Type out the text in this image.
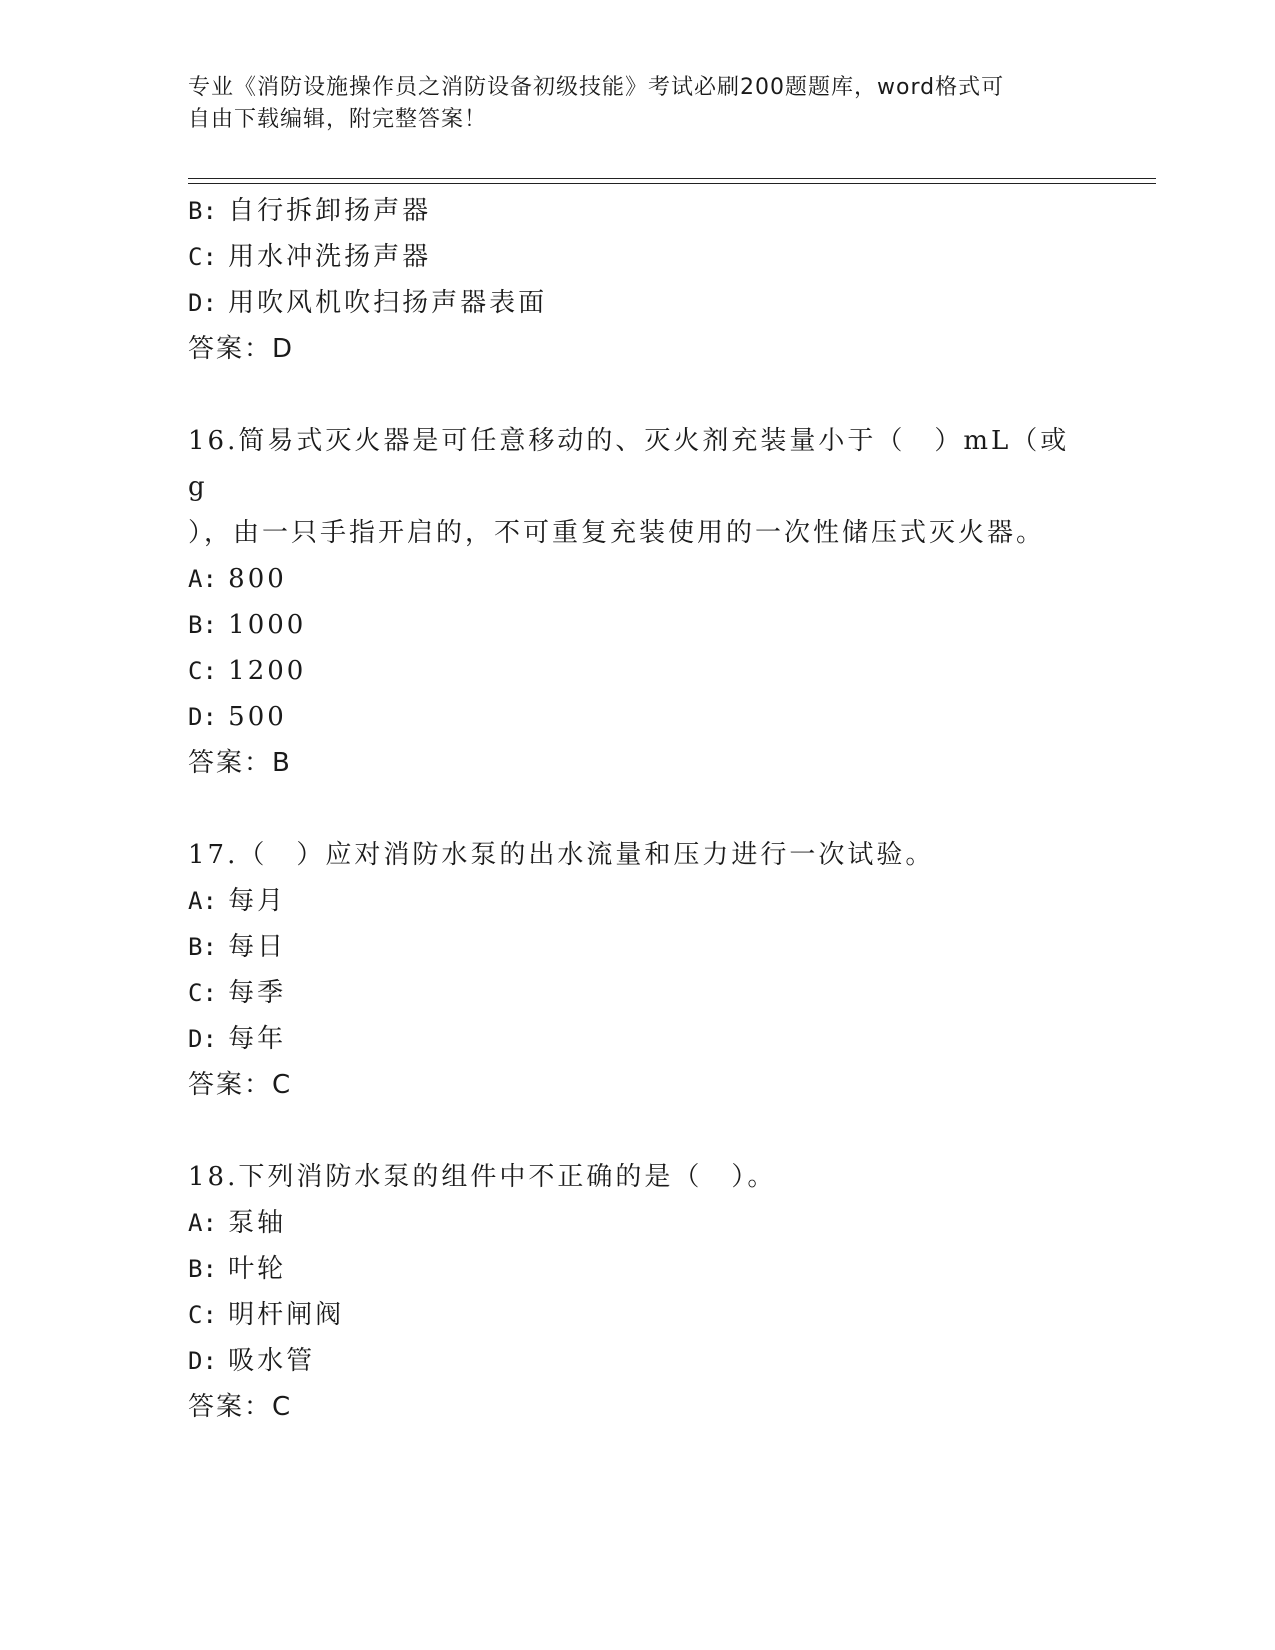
专业《消防设施操作员之消防设备初级技能》考试必刷200题题库，word格式可
自由下载编辑，附完整答案！
B: 自行拆卸扬声器
C: 用水冲洗扬声器
D: 用吹风机吹扫扬声器表面
答案：D
16.简易式灭火器是可任意移动的、灭火剂充装量小于（　）mL（或g
），由一只手指开启的，不可重复充装使用的一次性储压式灭火器。
A: 800
B: 1000
C: 1200
D: 500
答案：B
17.（　）应对消防水泵的出水流量和压力进行一次试验。
A: 每月
B: 每日
C: 每季
D: 每年
答案：C
18.下列消防水泵的组件中不正确的是（　）。
A: 泵轴
B: 叶轮
C: 明杆闸阀
D: 吸水管
答案：C
